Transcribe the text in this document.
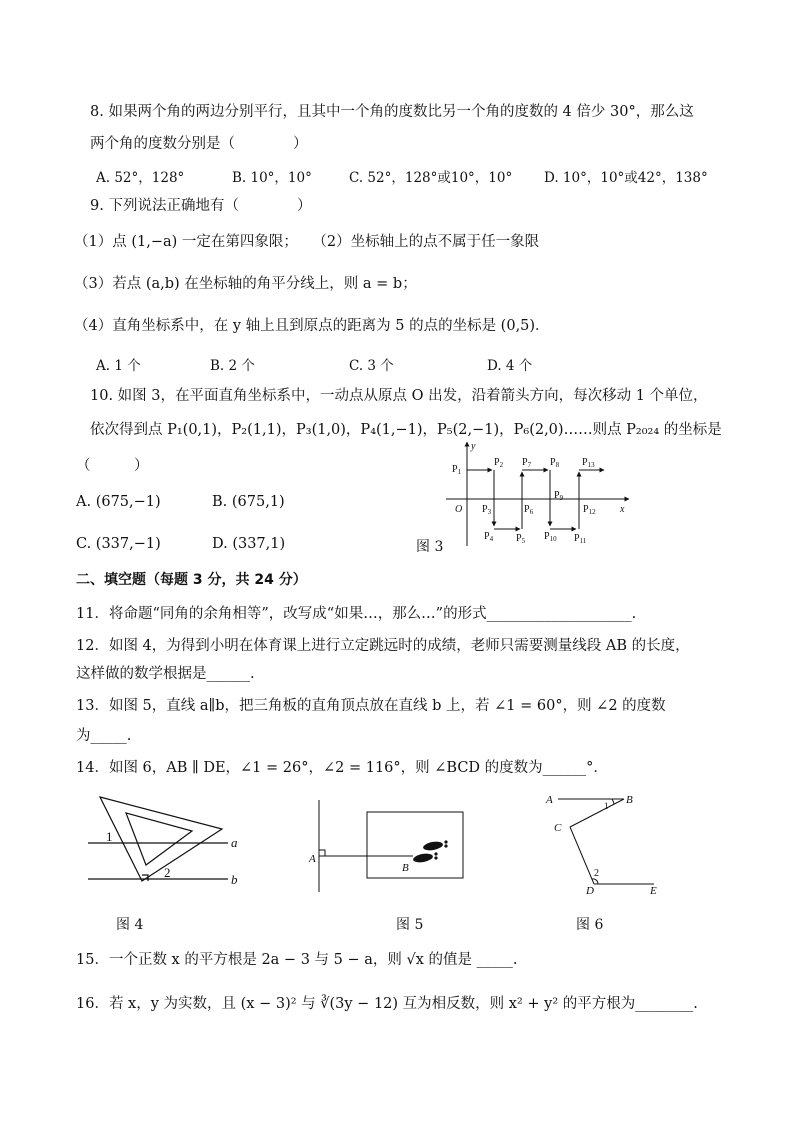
8. 如果两个角的两边分别平行，且其中一个角的度数比另一个角的度数的 4 倍少 30°，那么这
两个角的度数分别是（　　　　）
A. 52°，128°	B. 10°，10°	C. 52°，128°或10°，10° D. 10°，10°或42°，138°
9. 下列说法正确地有（　　　　）
（1）点 (1,−a) 一定在第四象限；　　（2）坐标轴上的点不属于任一象限
（3）若点 (a,b) 在坐标轴的角平分线上，则 a = b；
（4）直角坐标系中，在 y 轴上且到原点的距离为 5 的点的坐标是 (0,5)．
A. 1 个	B. 2 个	C. 3 个	D. 4 个
10. 如图 3，在平面直角坐标系中，一动点从原点 O 出发，沿着箭头方向，每次移动 1 个单位，
依次得到点 P₁(0,1)，P₂(1,1)，P₃(1,0)，P₄(1,−1)，P₅(2,−1)，P₆(2,0)……则点 P₂₀₂₄ 的坐标是
（　　　）
A. (675,−1)	B. (675,1)
C. (337,−1)	D. (337,1)	图 3
y
x
O
$P_1$
$P_2$
$P_3$
$P_4$ $P_5$
$P_6$
$P_7$ $P_8$
$P_9$
$P_{10}$ $P_{11}$
$P_{12}$
$P_{13}$
二、填空题（每题 3 分，共 24 分）
11．将命题“同角的余角相等”，改写成“如果…，那么…”的形式____________________.
12．如图 4，为得到小明在体育课上进行立定跳远时的成绩，老师只需要测量线段 AB 的长度，
这样做的数学根据是______.
13．如图 5，直线 a∥b，把三角板的直角顶点放在直线 b 上，若 ∠1 = 60°，则 ∠2 的度数
为_____.
14．如图 6，AB ∥ DE，∠1 = 26°，∠2 = 116°，则 ∠BCD 的度数为______°．
a
b
1
2
图 4
A
B
图 5
A	B
C
D	E
1
2
图 6
15．一个正数 x 的平方根是 2a − 3 与 5 − a，则 √x 的值是 _____.
16．若 x，y 为实数，且 (x − 3)² 与 ∛(3y − 12) 互为相反数，则 x² + y² 的平方根为________.
